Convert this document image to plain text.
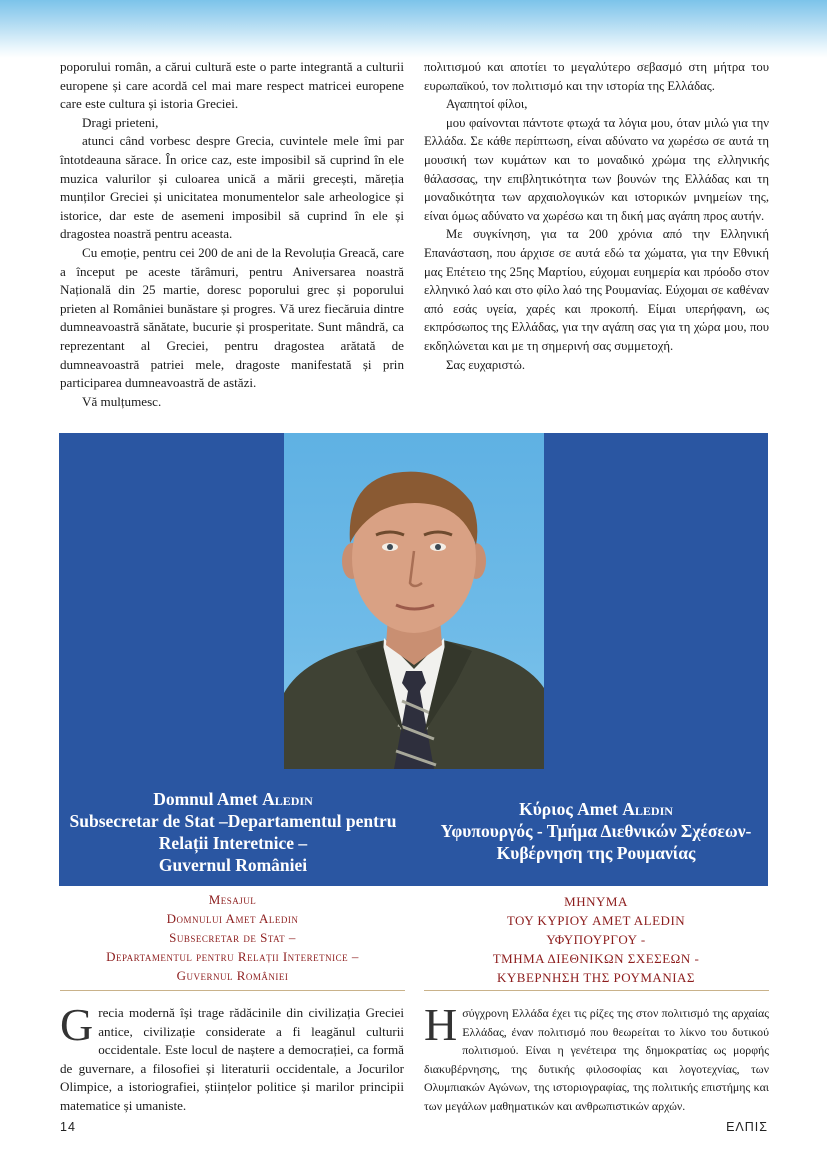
poporului român, a cărui cultură este o parte integrantă a culturii europene și care acordă cel mai mare respect matricei europene care este cultura și istoria Greciei.

Dragi prieteni,

atunci când vorbesc despre Grecia, cuvintele mele îmi par întotdeauna sărace. În orice caz, este imposibil să cuprind în ele muzica valurilor și culoarea unică a mării grecești, măreția munților Greciei și unicitatea monumentelor sale arheologice și istorice, dar este de asemeni imposibil să cuprind în ele și dragostea noastră pentru aceasta.

Cu emoție, pentru cei 200 de ani de la Revoluția Greacă, care a început pe aceste tărâmuri, pentru Aniversarea noastră Națională din 25 martie, doresc poporului grec și poporului prieten al României bunăstare și progres. Vă urez fiecăruia dintre dumneavoastră sănătate, bucurie și prosperitate. Sunt mândră, ca reprezentant al Greciei, pentru dragostea arătată de dumneavoastră patriei mele, dragoste manifestată și prin participarea dumneavoastră de astăzi.

Vă mulțumesc.

πολιτισμού και αποτίει το μεγαλύτερο σεβασμό στη μήτρα του ευρωπαϊκού, τον πολιτισμό και την ιστορία της Ελλάδας.

Αγαπητοί φίλοι,

μου φαίνονται πάντοτε φτωχά τα λόγια μου, όταν μιλώ για την Ελλάδα. Σε κάθε περίπτωση, είναι αδύνατο να χωρέσω σε αυτά τη μουσική των κυμάτων και το μοναδικό χρώμα της ελληνικής θάλασσας, την επιβλητικότητα των βουνών της Ελλάδας και τη μοναδικότητα των αρχαιολογικών και ιστορικών μνημείων της, είναι όμως αδύνατο να χωρέσω και τη δική μας αγάπη προς αυτήν.

Με συγκίνηση, για τα 200 χρόνια από την Ελληνική Επανάσταση, που άρχισε σε αυτά εδώ τα χώματα, για την Εθνική μας Επέτειο της 25ης Μαρτίου, εύχομαι ευημερία και πρόοδο στον ελληνικό λαό και στο φίλο λαό της Ρουμανίας. Εύχομαι σε καθέναν από εσάς υγεία, χαρές και προκοπή. Είμαι υπερήφανη, ως εκπρόσωπος της Ελλάδας, για την αγάπη σας για τη χώρα μου, που εκδηλώνεται και με τη σημερινή σας συμμετοχή.

Σας ευχαριστώ.

Domnul Amet Aledin
Subsecretar de Stat –Departamentul pentru
Relații Interetnice –
Guvernul României
Κύριος Amet Aledin
Υφυπουργός - Τμήμα Διεθνικών Σχέσεων-
Κυβέρνηση της Ρουμανίας
Mesajul
Domnului Amet Aledin
Subsecretar de Stat –
Departamentul pentru Relații Interetnice –
Guvernul României
ΜΗΝΥΜΑ
ΤΟΥ ΚΥΡΙΟΥ AMET ALEDIN
ΥΦΥΠΟΥΡΓΟΥ -
ΤΜΗΜΑ ΔΙΕΘΝΙΚΩΝ ΣΧΕΣΕΩΝ -
ΚΥΒΕΡΝΗΣΗ ΤΗΣ ΡΟΥΜΑΝΙΑΣ
Grecia modernă își trage rădăcinile din civilizația Greciei antice, civilizație considerate a fi leagănul culturii occidentale. Este locul de naștere a democrației, ca formă de guvernare, a filosofiei și literaturii occidentale, a Jocurilor Olimpice, a istoriografiei, științelor politice și marilor principii matematice și umaniste.
Ησύγχρονη Ελλάδα έχει τις ρίζες της στον πολιτισμό της αρχαίας Ελλάδας, έναν πολιτισμό που θεωρείται το λίκνο του δυτικού πολιτισμού. Είναι η γενέτειρα της δημοκρατίας ως μορφής διακυβέρνησης, της δυτικής φιλοσοφίας και λογοτεχνίας, των Ολυμπιακών Αγώνων, της ιστοριογραφίας, της πολιτικής επιστήμης και των μεγάλων μαθηματικών και ανθρωπιστικών αρχών.
14	ΕΛΠΙΣ
